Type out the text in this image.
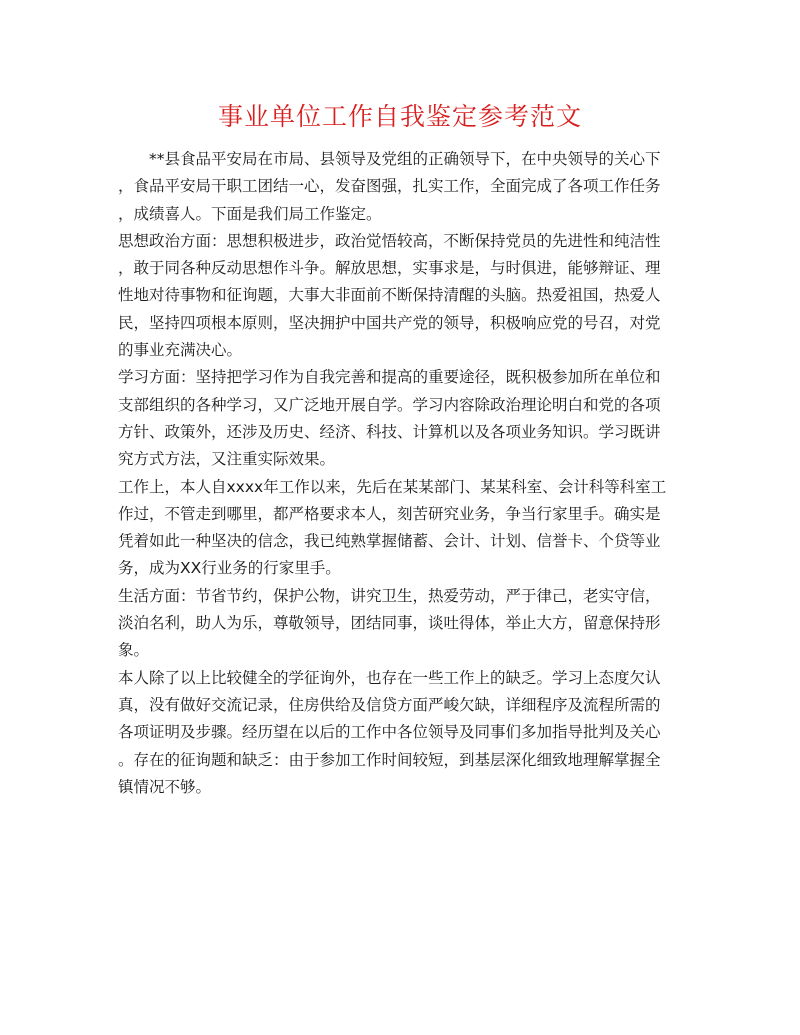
事业单位工作自我鉴定参考范文
**县食品平安局在市局、县领导及党组的正确领导下，在中央领导的关心下
，食品平安局干职工团结一心，发奋图强，扎实工作，全面完成了各项工作任务
，成绩喜人。下面是我们局工作鉴定。
思想政治方面：思想积极进步，政治觉悟较高，不断保持党员的先进性和纯洁性
，敢于同各种反动思想作斗争。解放思想，实事求是，与时俱进，能够辩证、理
性地对待事物和征询题，大事大非面前不断保持清醒的头脑。热爱祖国，热爱人
民，坚持四项根本原则，坚决拥护中国共产党的领导，积极响应党的号召，对党
的事业充满决心。
学习方面：坚持把学习作为自我完善和提高的重要途径，既积极参加所在单位和
支部组织的各种学习，又广泛地开展自学。学习内容除政治理论明白和党的各项
方针、政策外，还涉及历史、经济、科技、计算机以及各项业务知识。学习既讲
究方式方法，又注重实际效果。
工作上，本人自xxxx年工作以来，先后在某某部门、某某科室、会计科等科室工
作过，不管走到哪里，都严格要求本人，刻苦研究业务，争当行家里手。确实是
凭着如此一种坚决的信念，我已纯熟掌握储蓄、会计、计划、信誉卡、个贷等业
务，成为XX行业务的行家里手。
生活方面：节省节约，保护公物，讲究卫生，热爱劳动，严于律己，老实守信，
淡泊名利，助人为乐，尊敬领导，团结同事，谈吐得体，举止大方，留意保持形
象。
本人除了以上比较健全的学征询外，也存在一些工作上的缺乏。学习上态度欠认
真，没有做好交流记录，住房供给及信贷方面严峻欠缺，详细程序及流程所需的
各项证明及步骤。经历望在以后的工作中各位领导及同事们多加指导批判及关心
。存在的征询题和缺乏：由于参加工作时间较短，到基层深化细致地理解掌握全
镇情况不够。
